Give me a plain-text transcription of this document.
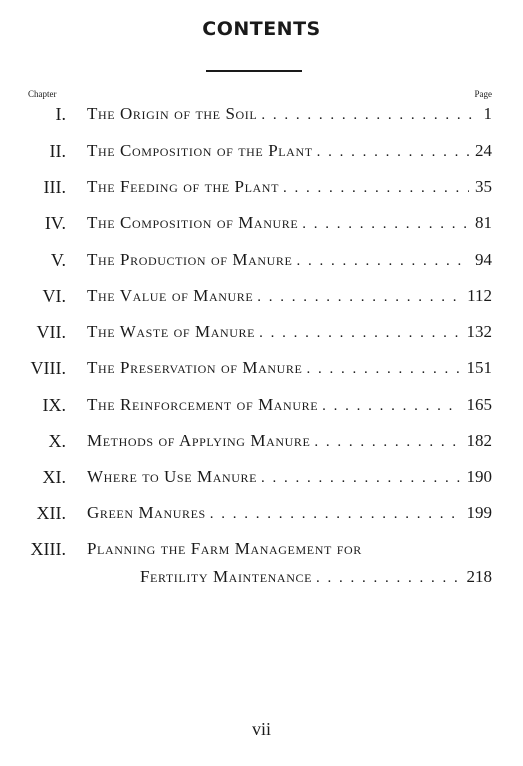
CONTENTS
Chapter	Page
I. The Origin of the Soil . . .	1
II. The Composition of the Plant . . .	24
III. The Feeding of the Plant . . .	35
IV. The Composition of Manure . . .	81
V. The Production of Manure . . .	94
VI. The Value of Manure . . .	112
VII. The Waste of Manure . . .	132
VIII. The Preservation of Manure . . .	151
IX. The Reinforcement of Manure . . .	165
X. Methods of Applying Manure . . .	182
XI. Where to Use Manure . . .	190
XII. Green Manures . . .	199
XIII. Planning the Farm Management for
Fertility Maintenance . . .	218
vii
